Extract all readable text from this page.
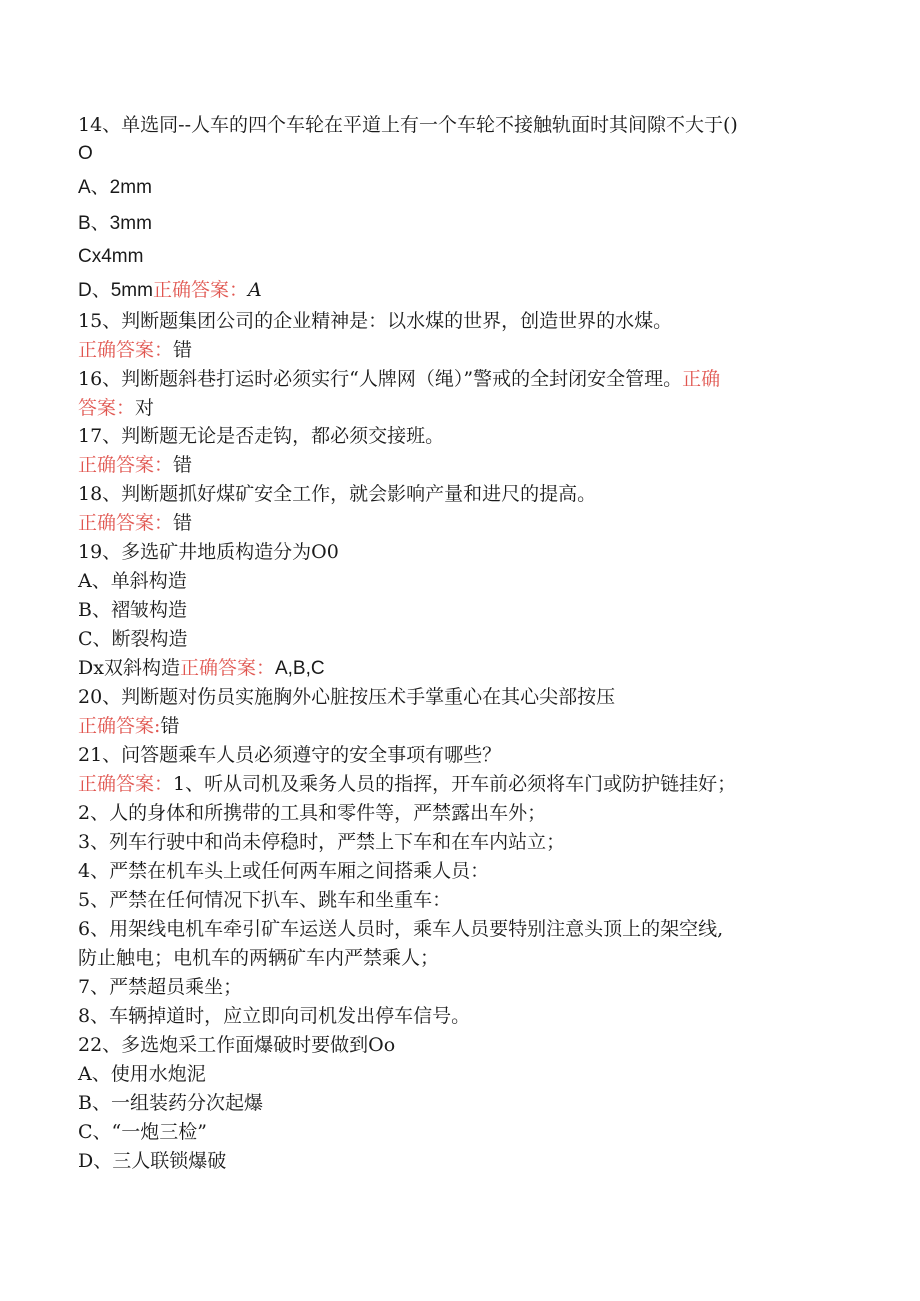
14、单选同--人车的四个车轮在平道上有一个车轮不接触轨面时其间隙不大于()
O
A、2mm
B、3mm
Cx4mm
D、5mm正确答案：A
15、判断题集团公司的企业精神是：以水煤的世界，创造世界的水煤。
正确答案：错
16、判断题斜巷打运时必须实行“人牌网（绳）”警戒的全封闭安全管理。正确
答案：对
17、判断题无论是否走钩，都必须交接班。
正确答案：错
18、判断题抓好煤矿安全工作，就会影响产量和进尺的提高。
正确答案：错
19、多选矿井地质构造分为O0
A、单斜构造
B、褶皱构造
C、断裂构造
Dx双斜构造正确答案：A,B,C
20、判断题对伤员实施胸外心脏按压术手掌重心在其心尖部按压
正确答案:错
21、问答题乘车人员必须遵守的安全事项有哪些？
正确答案：1、听从司机及乘务人员的指挥，开车前必须将车门或防护链挂好；
2、人的身体和所携带的工具和零件等，严禁露出车外；
3、列车行驶中和尚未停稳时，严禁上下车和在车内站立；
4、严禁在机车头上或任何两车厢之间搭乘人员：
5、严禁在任何情况下扒车、跳车和坐重车：
6、用架线电机车牵引矿车运送人员时，乘车人员要特别注意头顶上的架空线,
防止触电；电机车的两辆矿车内严禁乘人；
7、严禁超员乘坐；
8、车辆掉道时，应立即向司机发出停车信号。
22、多选炮采工作面爆破时要做到Oo
A、使用水炮泥
B、一组装药分次起爆
C、“一炮三检”
D、三人联锁爆破
